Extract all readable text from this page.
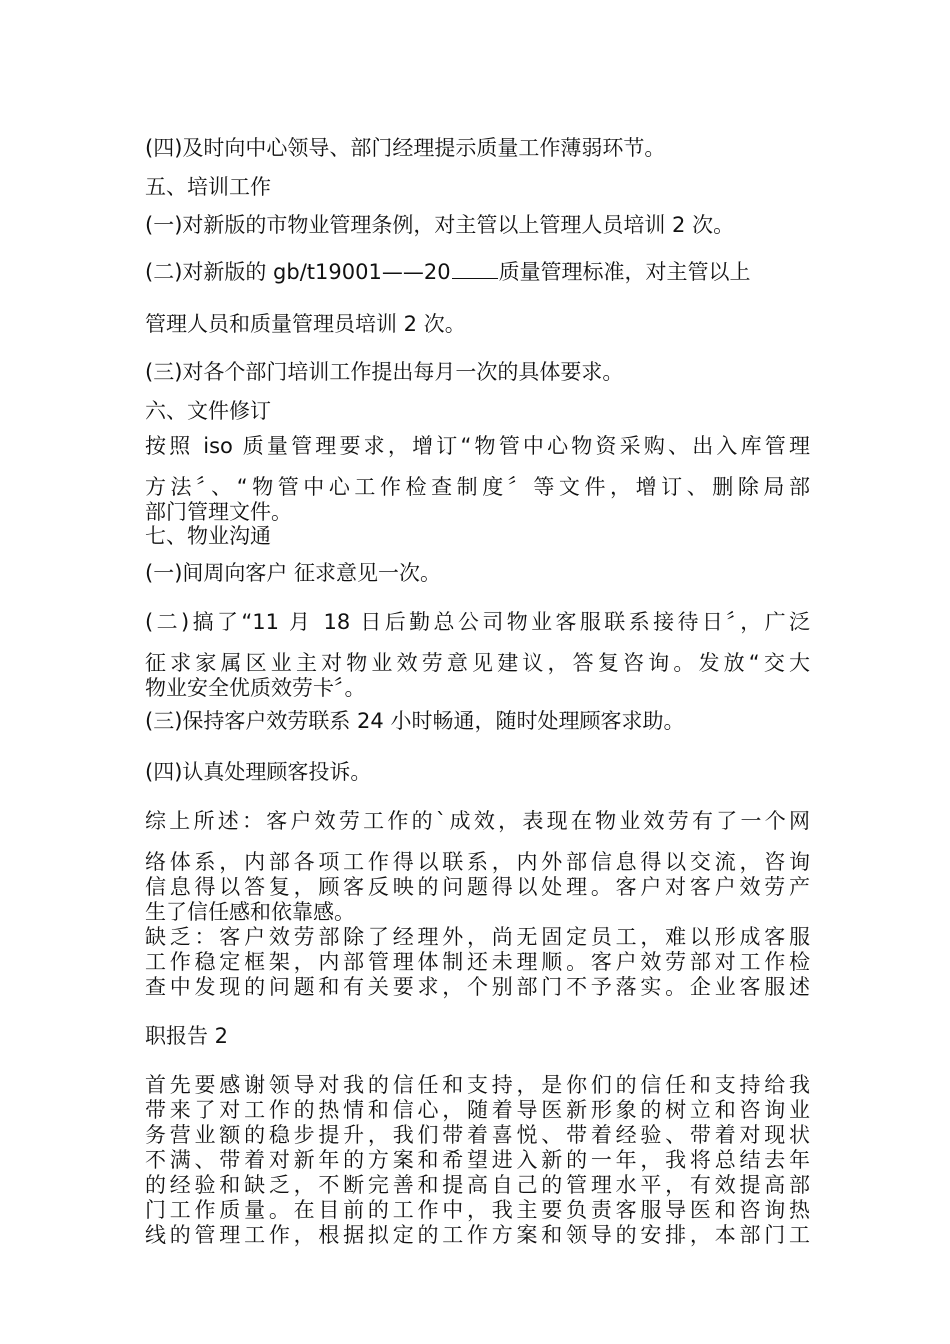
(四)及时向中心领导、部门经理提示质量工作薄弱环节。
五、培训工作
(一)对新版的市物业管理条例，对主管以上管理人员培训 2 次。
(二)对新版的 gb/t19001——20 质量管理标准，对主管以上
管理人员和质量管理员培训 2 次。
(三)对各个部门培训工作提出每月一次的具体要求。
六、文件修订
按照 iso 质量管理要求，增订“物管中心物资采购、出入库管理
方法〞、“物管中心工作检查制度〞等文件，增订、删除局部
部门管理文件。
七、物业沟通
(一)间周向客户 征求意见一次。
(二)搞了“11 月 18 日后勤总公司物业客服联系接待日〞，广泛
征求家属区业主对物业效劳意见建议，答复咨询。发放“交大
物业安全优质效劳卡〞。
(三)保持客户效劳联系 24 小时畅通，随时处理顾客求助。
(四)认真处理顾客投诉。
综上所述：客户效劳工作的`成效，表现在物业效劳有了一个网
络体系，内部各项工作得以联系，内外部信息得以交流，咨询
信息得以答复，顾客反映的问题得以处理。客户对客户效劳产
生了信任感和依靠感。
缺乏：客户效劳部除了经理外，尚无固定员工，难以形成客服
工作稳定框架，内部管理体制还未理顺。客户效劳部对工作检
查中发现的问题和有关要求，个别部门不予落实。企业客服述
职报告 2
首先要感谢领导对我的信任和支持，是你们的信任和支持给我
带来了对工作的热情和信心，随着导医新形象的树立和咨询业
务营业额的稳步提升，我们带着喜悦、带着经验、带着对现状
不满、带着对新年的方案和希望进入新的一年，我将总结去年
的经验和缺乏，不断完善和提高自己的管理水平，有效提高部
门工作质量。在目前的工作中，我主要负责客服导医和咨询热
线的管理工作，根据拟定的工作方案和领导的安排，本部门工
